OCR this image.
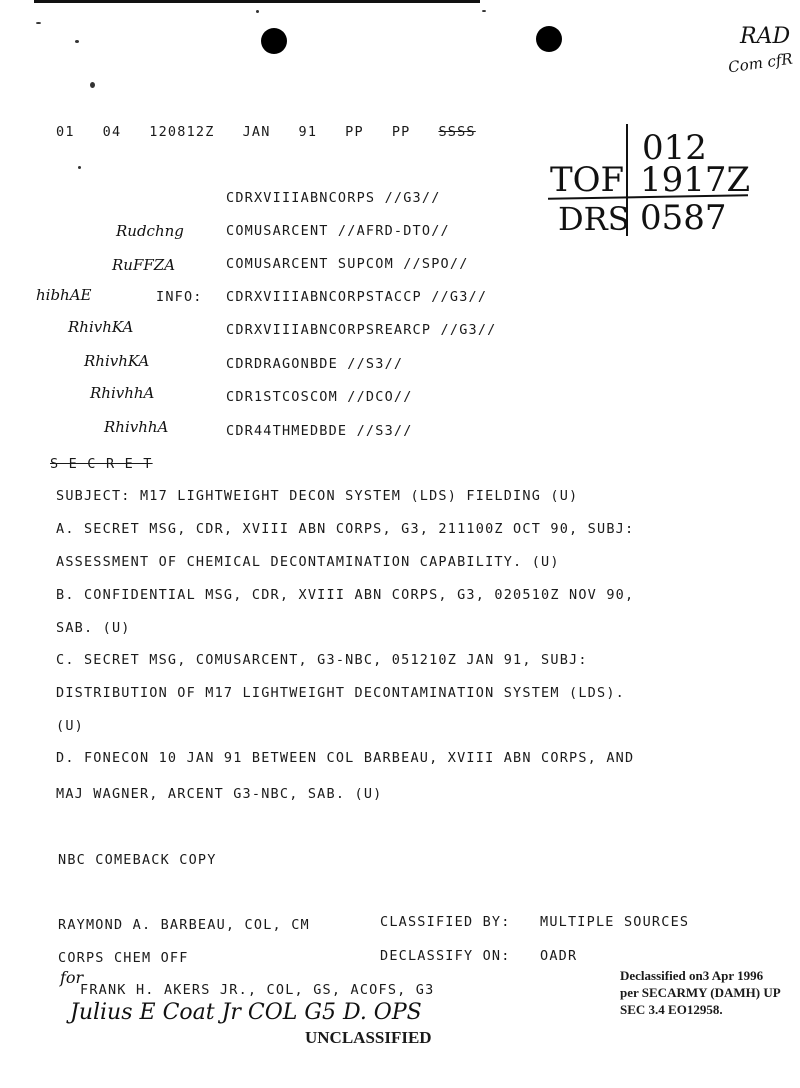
RAD
Com cfR
01 04 120812Z JAN 91 PP PP SSSS
TOF
012
1917Z
DRS 0587
CDRXVIIIABNCORPS //G3//
Rudchng	COMUSARCENT //AFRD-DTO//
RuFFZA	COMUSARCENT SUPCOM //SPO//
hibhAE	INFO: CDRXVIIIABNCORPSTACCP //G3//
RhivhKA	CDRXVIIIABNCORPSREARCP //G3//
RhivhKA	CDRDRAGONBDE //S3//
RhivhhA	CDR1STCOSCOM //DCO//
RhivhhA	CDR44THMEDBDE //S3//
S E C R E T
SUBJECT: M17 LIGHTWEIGHT DECON SYSTEM (LDS) FIELDING (U)
A. SECRET MSG, CDR, XVIII ABN CORPS, G3, 211100Z OCT 90, SUBJ:
ASSESSMENT OF CHEMICAL DECONTAMINATION CAPABILITY. (U)
B. CONFIDENTIAL MSG, CDR, XVIII ABN CORPS, G3, 020510Z NOV 90,
SAB. (U)
C. SECRET MSG, COMUSARCENT, G3-NBC, 051210Z JAN 91, SUBJ:
DISTRIBUTION OF M17 LIGHTWEIGHT DECONTAMINATION SYSTEM (LDS).
(U)
D. FONECON 10 JAN 91 BETWEEN COL BARBEAU, XVIII ABN CORPS, AND
MAJ WAGNER, ARCENT G3-NBC, SAB. (U)
NBC COMEBACK COPY
RAYMOND A. BARBEAU, COL, CM	CLASSIFIED BY: MULTIPLE SOURCES
CORPS CHEM OFF	DECLASSIFY ON: OADR
for
FRANK H. AKERS JR., COL, GS, ACOFS, G3
Julius E Coat Jr COL G5 D. OPS
Declassified on3 Apr 1996
per SECARMY (DAMH) UP
SEC 3.4 EO12958.
UNCLASSIFIED
